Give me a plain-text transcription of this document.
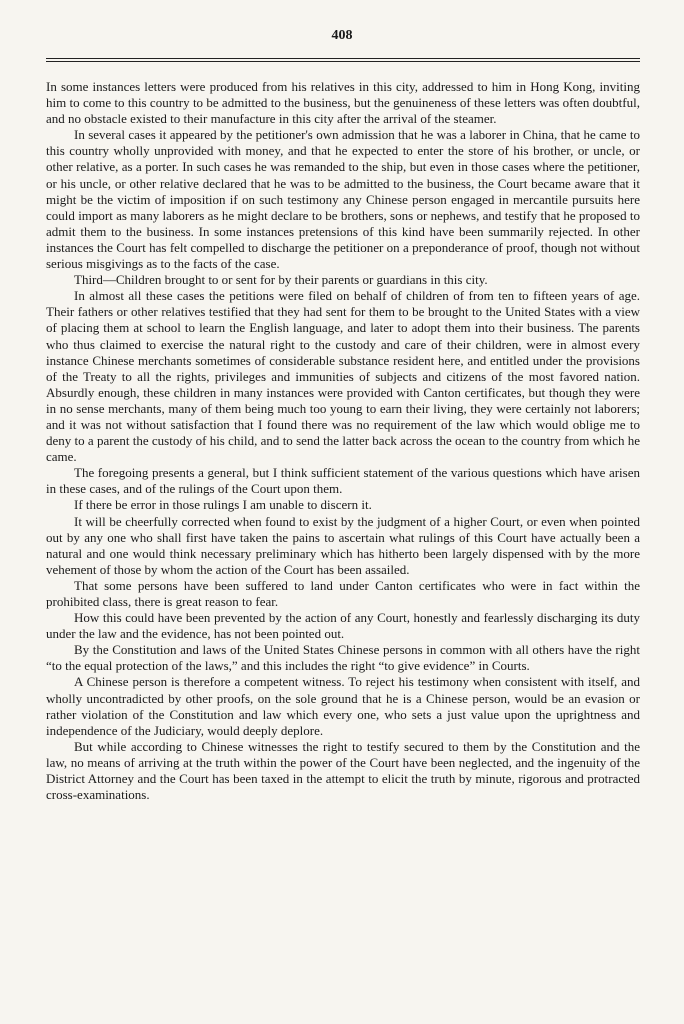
408

In some instances letters were produced from his relatives in this city, addressed to him in Hong Kong, inviting him to come to this country to be admitted to the business, but the genuineness of these letters was often doubtful, and no obstacle existed to their manufacture in this city after the arrival of the steamer.

In several cases it appeared by the petitioner's own admission that he was a laborer in China, that he came to this country wholly unprovided with money, and that he expected to enter the store of his brother, or uncle, or other relative, as a porter. In such cases he was remanded to the ship, but even in those cases where the petitioner, or his uncle, or other relative declared that he was to be admitted to the business, the Court became aware that it might be the victim of imposition if on such testimony any Chinese person engaged in mercantile pursuits here could import as many laborers as he might declare to be brothers, sons or nephews, and testify that he proposed to admit them to the business. In some instances pretensions of this kind have been summarily rejected. In other instances the Court has felt compelled to discharge the petitioner on a preponderance of proof, though not without serious misgivings as to the facts of the case.

Third—Children brought to or sent for by their parents or guardians in this city.

In almost all these cases the petitions were filed on behalf of children of from ten to fifteen years of age. Their fathers or other relatives testified that they had sent for them to be brought to the United States with a view of placing them at school to learn the English language, and later to adopt them into their business. The parents who thus claimed to exercise the natural right to the custody and care of their children, were in almost every instance Chinese merchants sometimes of considerable substance resident here, and entitled under the provisions of the Treaty to all the rights, privileges and immunities of subjects and citizens of the most favored nation. Absurdly enough, these children in many instances were provided with Canton certificates, but though they were in no sense merchants, many of them being much too young to earn their living, they were certainly not laborers; and it was not without satisfaction that I found there was no requirement of the law which would oblige me to deny to a parent the custody of his child, and to send the latter back across the ocean to the country from which he came.

The foregoing presents a general, but I think sufficient statement of the various questions which have arisen in these cases, and of the rulings of the Court upon them.

If there be error in those rulings I am unable to discern it.

It will be cheerfully corrected when found to exist by the judgment of a higher Court, or even when pointed out by any one who shall first have taken the pains to ascertain what rulings of this Court have actually been a natural and one would think necessary preliminary which has hitherto been largely dispensed with by the more vehement of those by whom the action of the Court has been assailed.

That some persons have been suffered to land under Canton certificates who were in fact within the prohibited class, there is great reason to fear.

How this could have been prevented by the action of any Court, honestly and fearlessly discharging its duty under the law and the evidence, has not been pointed out.

By the Constitution and laws of the United States Chinese persons in common with all others have the right “to the equal protection of the laws,” and this includes the right “to give evidence” in Courts.

A Chinese person is therefore a competent witness. To reject his testimony when consistent with itself, and wholly uncontradicted by other proofs, on the sole ground that he is a Chinese person, would be an evasion or rather violation of the Constitution and law which every one, who sets a just value upon the uprightness and independence of the Judiciary, would deeply deplore.

But while according to Chinese witnesses the right to testify secured to them by the Constitution and the law, no means of arriving at the truth within the power of the Court have been neglected, and the ingenuity of the District Attorney and the Court has been taxed in the attempt to elicit the truth by minute, rigorous and protracted cross-examinations.
